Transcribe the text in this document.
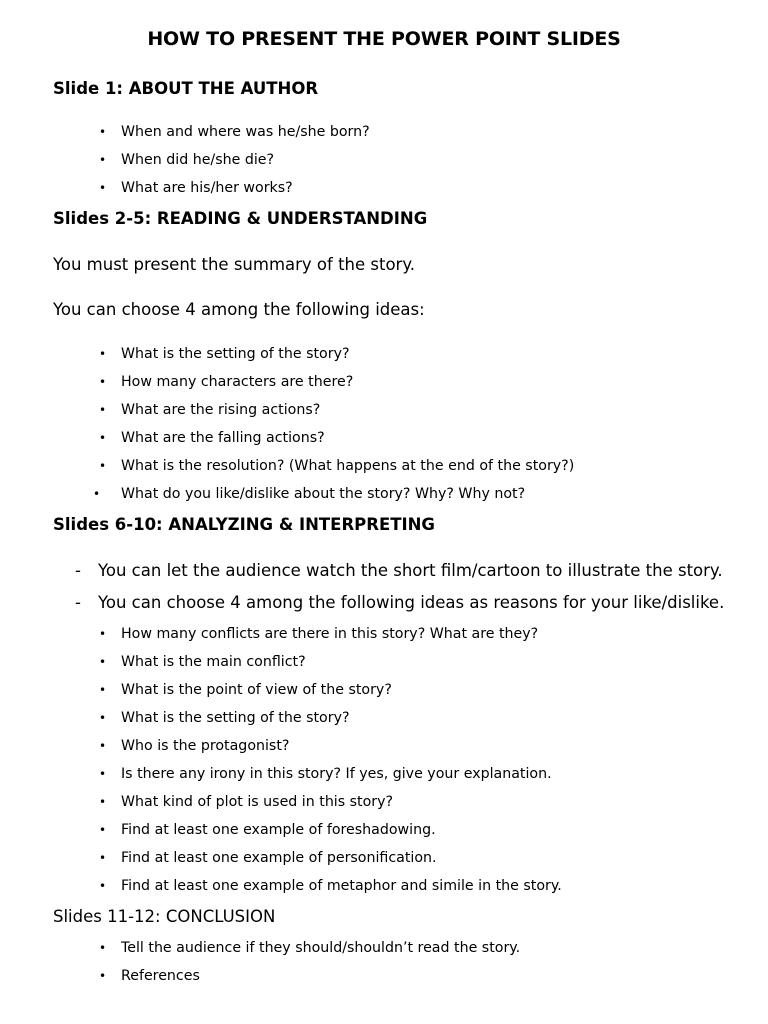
HOW TO PRESENT THE POWER POINT SLIDES
Slide 1: ABOUT THE AUTHOR
• When and where was he/she born?
• When did he/she die?
• What are his/her works?
Slides 2-5: READING & UNDERSTANDING
You must present the summary of the story.
You can choose 4 among the following ideas:
• What is the setting of the story?
• How many characters are there?
• What are the rising actions?
• What are the falling actions?
• What is the resolution? (What happens at the end of the story?)
• What do you like/dislike about the story? Why? Why not?
Slides 6-10: ANALYZING & INTERPRETING
- You can let the audience watch the short film/cartoon to illustrate the story.
- You can choose 4 among the following ideas as reasons for your like/dislike.
• How many conflicts are there in this story? What are they?
• What is the main conflict?
• What is the point of view of the story?
• What is the setting of the story?
• Who is the protagonist?
• Is there any irony in this story? If yes, give your explanation.
• What kind of plot is used in this story?
• Find at least one example of foreshadowing.
• Find at least one example of personification.
• Find at least one example of metaphor and simile in the story.
Slides 11-12: CONCLUSION
• Tell the audience if they should/shouldn’t read the story.
• References
